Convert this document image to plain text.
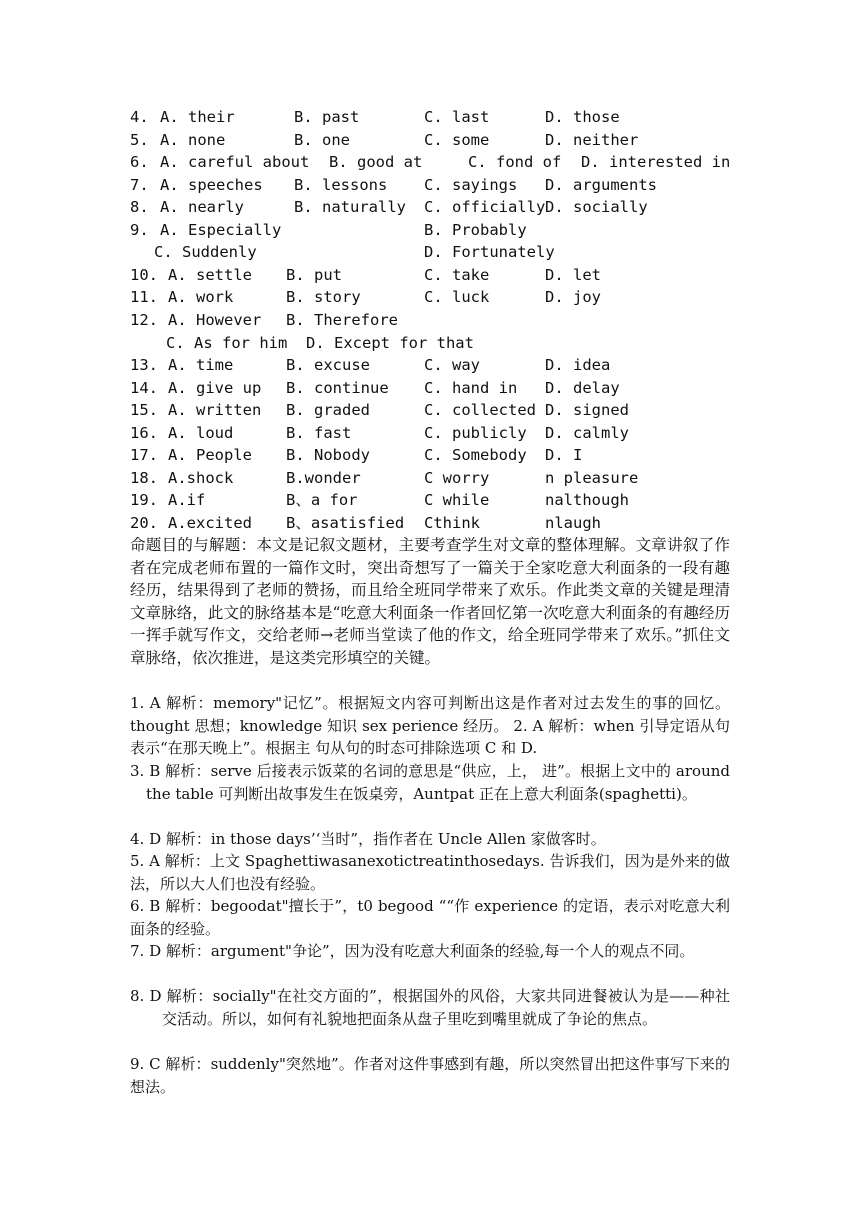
4. A. their	B. past	C. last	D. those
5. A. none	B. one	C. some	D. neither
6. A. careful about B. good at	C. fond of D. interested in
7. A. speeches B. lessons C. sayings D. arguments
8. A. nearly	B. naturally C. officially D. socially
9. A. Especially	B. Probably
C. Suddenly	D. Fortunately
10. A. settle B. put	C. take	D. let
11. A. work	B. story	C. luck	D. joy
12. A. However B. Therefore
C. As for him D. Except for that
13. A. time	B. excuse	C. way	D. idea
14. A. give up B. continue C. hand in D. delay
15. A. written B. graded	C. collected D. signed
16. A. loud	B. fast	C. publicly D. calmly
17. A. People B. Nobody	C. Somebody D. I
18. A.shock	B.wonder	C worry	n pleasure
19. A.if	B、a for	C while	nalthough
20. A.excited B、asatisfied Cthink	nlaugh
命题目的与解题：本文是记叙文题材，主要考查学生对文章的整体理解。文章讲叙了作者在完成老师布置的一篇作文时，突出奇想写了一篇关于全家吃意大利面条的一段有趣经历，结果得到了老师的赞扬，而且给全班同学带来了欢乐。作此类文章的关键是理清文章脉络，此文的脉络基本是“吃意大利面条一作者回忆第一次吃意大利面条的有趣经历一挥手就写作文，交给老师→老师当堂读了他的作文，给全班同学带来了欢乐。”抓住文章脉络，依次推进，是这类完形填空的关键。
1. A 解析：memory"记忆”。根据短文内容可判断出这是作者对过去发生的事的回忆。thought 思想；knowledge 知识 sex perience 经历。 2. A 解析：when 引导定语从句表示“在那天晚上”。根据主 句从句的时态可排除选项 C 和 D.
3. B 解析：serve 后接表示饭菜的名词的意思是“供应，上， 进”。根据上文中的 around the table 可判断出故事发生在饭桌旁，Auntpat 正在上意大利面条(spaghetti)。
4. D 解析：in those days’‘当时”，指作者在 Uncle Allen 家做客时。
5. A 解析：上文 Spaghettiwasanexotictreatinthosedays. 告诉我们，因为是外来的做法，所以大人们也没有经验。
6. B 解析：begoodat"擅长于”，t0 begood ““作 experience 的定语，表示对吃意大利面条的经验。
7. D 解析：argument"争论”，因为没有吃意大利面条的经验,每一个人的观点不同。
8. D 解析：socially"在社交方面的”，根据国外的风俗，大家共同进餐被认为是——种社交活动。所以，如何有礼貌地把面条从盘子里吃到嘴里就成了争论的焦点。
9. C 解析：suddenly"突然地”。作者对这件事感到有趣，所以突然冒出把这件事写下来的想法。
